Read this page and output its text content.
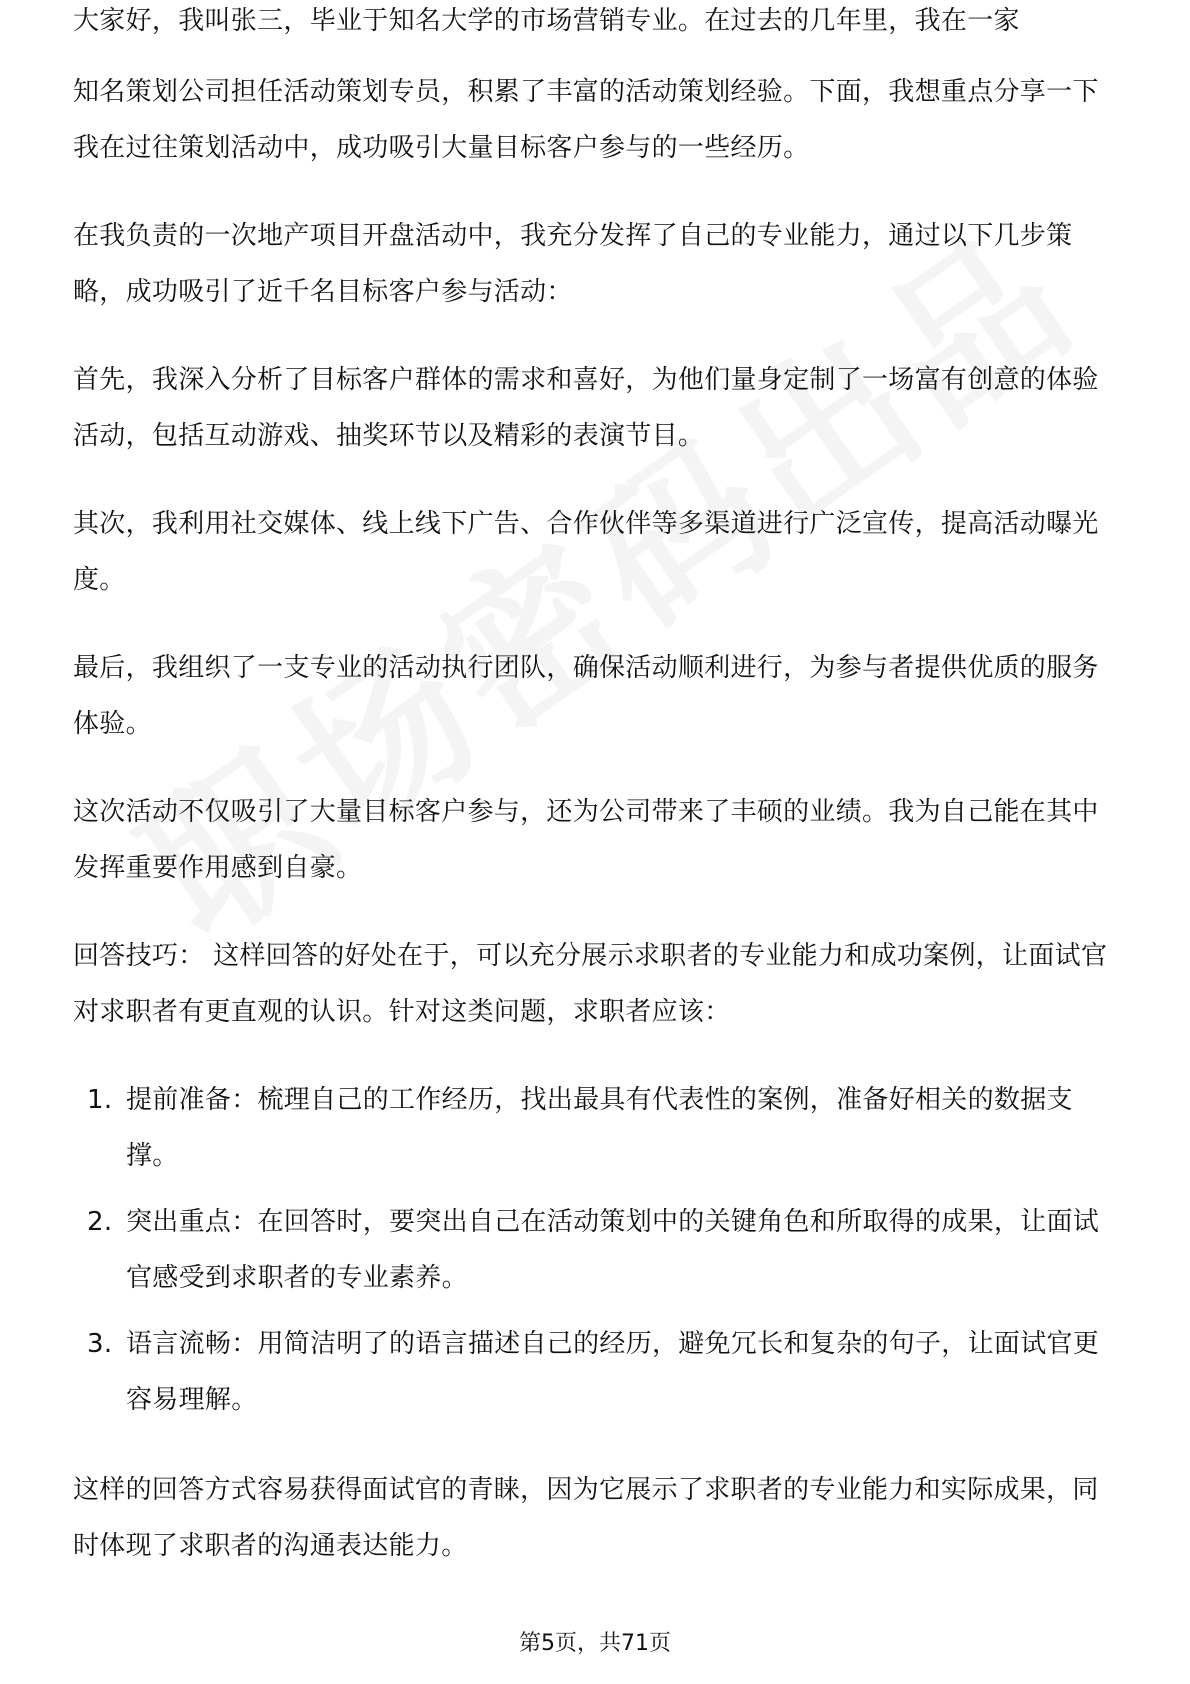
大家好，我叫张三，毕业于知名大学的市场营销专业。在过去的几年里，我在一家

知名策划公司担任活动策划专员，积累了丰富的活动策划经验。下面，我想重点分享一下我在过往策划活动中，成功吸引大量目标客户参与的一些经历。

在我负责的一次地产项目开盘活动中，我充分发挥了自己的专业能力，通过以下几步策略，成功吸引了近千名目标客户参与活动：

首先，我深入分析了目标客户群体的需求和喜好，为他们量身定制了一场富有创意的体验活动，包括互动游戏、抽奖环节以及精彩的表演节目。

其次，我利用社交媒体、线上线下广告、合作伙伴等多渠道进行广泛宣传，提高活动曝光度。

最后，我组织了一支专业的活动执行团队，确保活动顺利进行，为参与者提供优质的服务体验。

这次活动不仅吸引了大量目标客户参与，还为公司带来了丰硕的业绩。我为自己能在其中发挥重要作用感到自豪。

回答技巧： 这样回答的好处在于，可以充分展示求职者的专业能力和成功案例，让面试官对求职者有更直观的认识。针对这类问题，求职者应该：

1. 提前准备：梳理自己的工作经历，找出最具有代表性的案例，准备好相关的数据支撑。
2. 突出重点：在回答时，要突出自己在活动策划中的关键角色和所取得的成果，让面试官感受到求职者的专业素养。
3. 语言流畅：用简洁明了的语言描述自己的经历，避免冗长和复杂的句子，让面试官更容易理解。

这样的回答方式容易获得面试官的青睐，因为它展示了求职者的专业能力和实际成果，同时体现了求职者的沟通表达能力。

第5页，共71页
